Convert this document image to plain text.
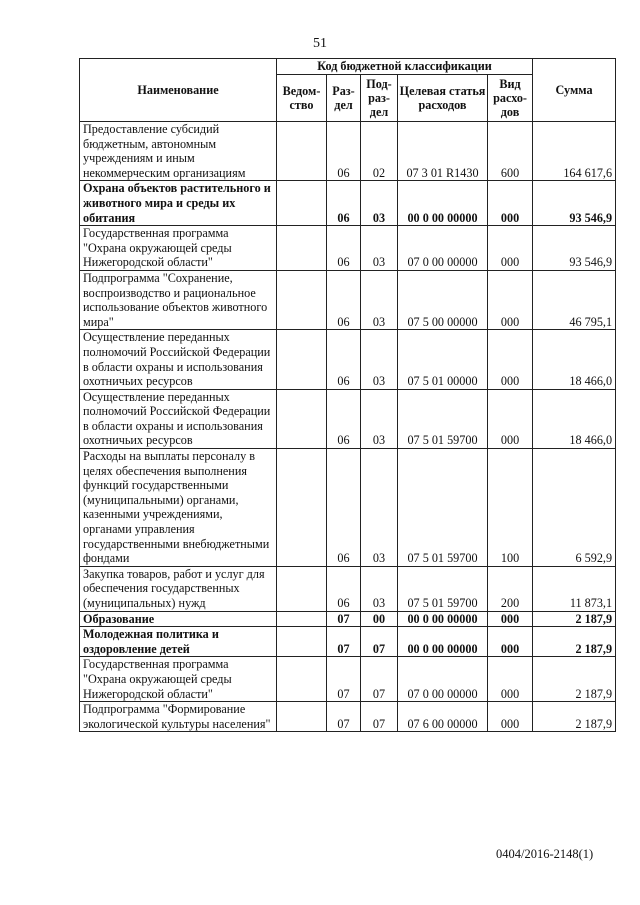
51
Наименование	Код бюджетной классификации					Сумма
	Ведом-ство	Раз-дел	Под-раз-дел	Целевая статья расходов	Вид расхо-дов	
Предоставление субсидий бюджетным, автономным учреждениям и иным некоммерческим организациям		06	02	07 3 01 R1430	600	164 617,6
Охрана объектов растительного и животного мира и среды их обитания		06	03	00 0 00 00000	000	93 546,9
Государственная программа "Охрана окружающей среды Нижегородской области"		06	03	07 0 00 00000	000	93 546,9
Подпрограмма "Сохранение, воспроизводство и рациональное использование объектов животного мира"		06	03	07 5 00 00000	000	46 795,1
Осуществление переданных полномочий Российской Федерации в области охраны и использования охотничьих ресурсов		06	03	07 5 01 00000	000	18 466,0
Осуществление переданных полномочий Российской Федерации в области охраны и использования охотничьих ресурсов		06	03	07 5 01 59700	000	18 466,0
Расходы на выплаты персоналу в целях обеспечения выполнения функций государственными (муниципальными) органами, казенными учреждениями, органами управления государственными внебюджетными фондами		06	03	07 5 01 59700	100	6 592,9
Закупка товаров, работ и услуг для обеспечения государственных (муниципальных) нужд		06	03	07 5 01 59700	200	11 873,1
Образование		07	00	00 0 00 00000	000	2 187,9
Молодежная политика и оздоровление детей		07	07	00 0 00 00000	000	2 187,9
Государственная программа "Охрана окружающей среды Нижегородской области"		07	07	07 0 00 00000	000	2 187,9
Подпрограмма "Формирование экологической культуры населения"		07	07	07 6 00 00000	000	2 187,9
0404/2016-2148(1)
